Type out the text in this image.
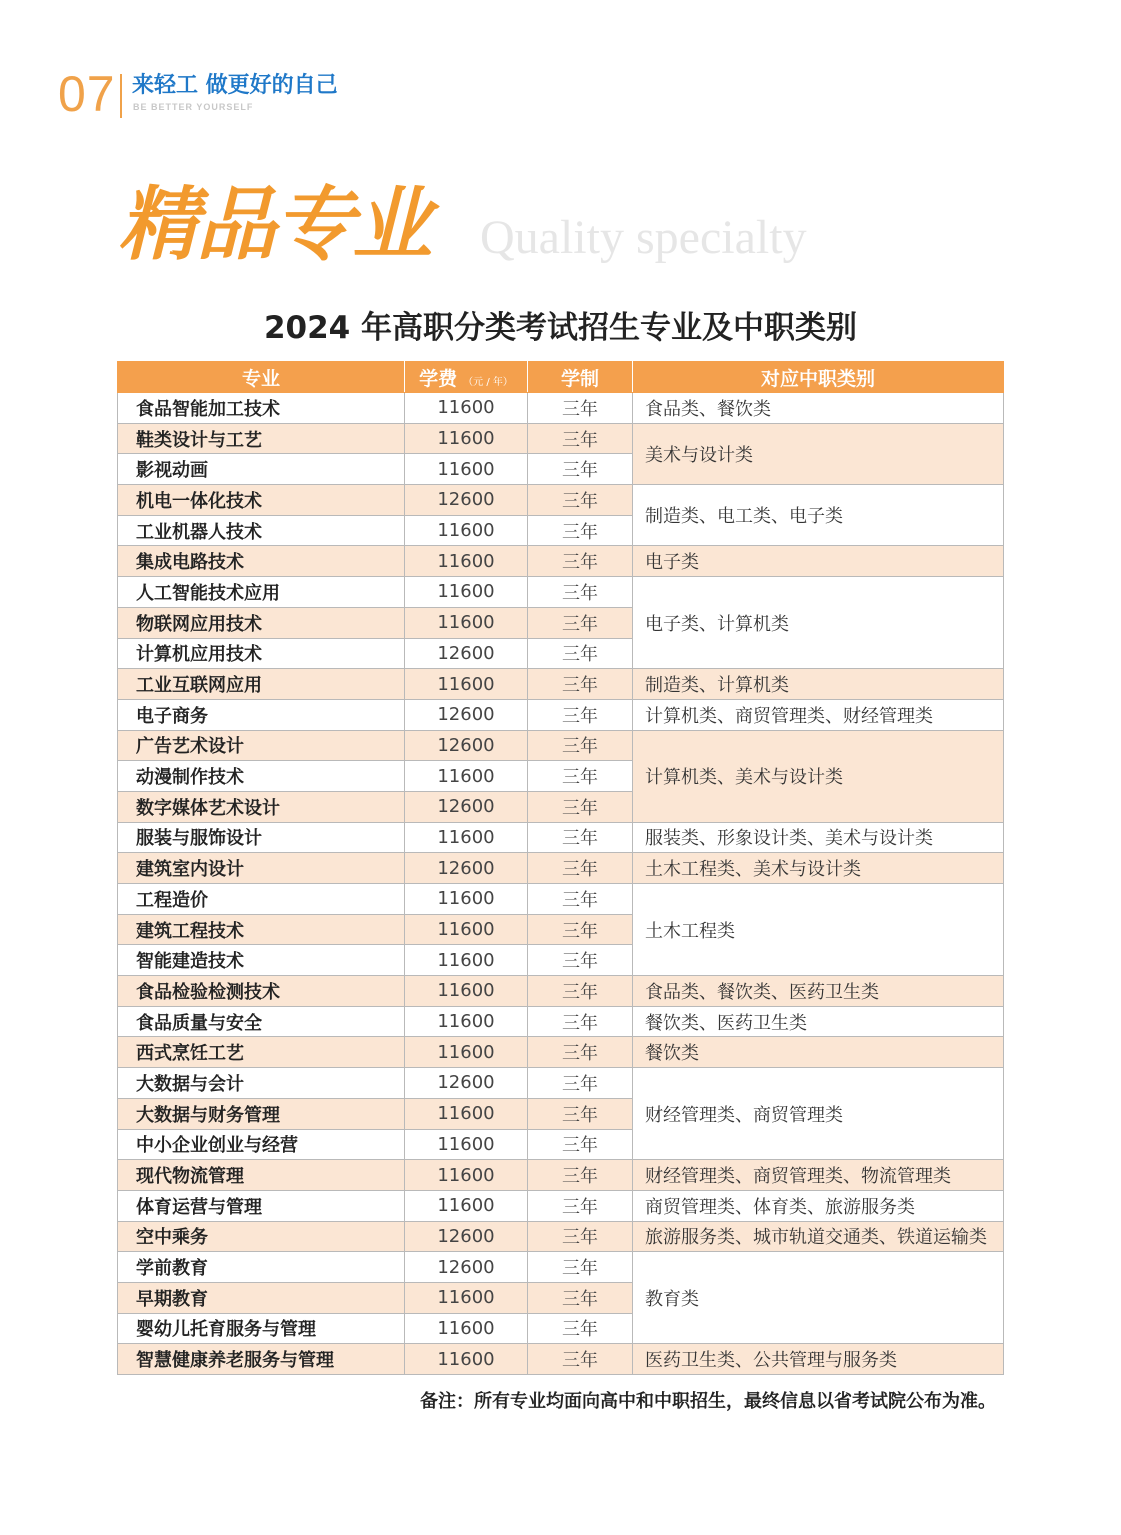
07 来轻工 做更好的自己
BE BETTER YOURSELF
精品专业 Quality specialty
2024 年高职分类考试招生专业及中职类别
专业	学费 （元 / 年）	学制	对应中职类别
食品智能加工技术	11600	三年	食品类、餐饮类
鞋类设计与工艺	11600	三年	美术与设计类
影视动画	11600	三年	
机电一体化技术	12600	三年	制造类、电工类、电子类
工业机器人技术	11600	三年	
集成电路技术	11600	三年	电子类
人工智能技术应用	11600	三年	电子类、计算机类
物联网应用技术	11600	三年	
计算机应用技术	12600	三年	
工业互联网应用	11600	三年	制造类、计算机类
电子商务	12600	三年	计算机类、商贸管理类、财经管理类
广告艺术设计	12600	三年	计算机类、美术与设计类
动漫制作技术	11600	三年	
数字媒体艺术设计	12600	三年	
服装与服饰设计	11600	三年	服装类、形象设计类、美术与设计类
建筑室内设计	12600	三年	土木工程类、美术与设计类
工程造价	11600	三年	土木工程类
建筑工程技术	11600	三年	
智能建造技术	11600	三年	
食品检验检测技术	11600	三年	食品类、餐饮类、医药卫生类
食品质量与安全	11600	三年	餐饮类、医药卫生类
西式烹饪工艺	11600	三年	餐饮类
大数据与会计	12600	三年	财经管理类、商贸管理类
大数据与财务管理	11600	三年	
中小企业创业与经营	11600	三年	
现代物流管理	11600	三年	财经管理类、商贸管理类、物流管理类
体育运营与管理	11600	三年	商贸管理类、体育类、旅游服务类
空中乘务	12600	三年	旅游服务类、城市轨道交通类、铁道运输类
学前教育	12600	三年	教育类
早期教育	11600	三年	
婴幼儿托育服务与管理	11600	三年	
智慧健康养老服务与管理	11600	三年	医药卫生类、公共管理与服务类
备注：所有专业均面向高中和中职招生，最终信息以省考试院公布为准。
